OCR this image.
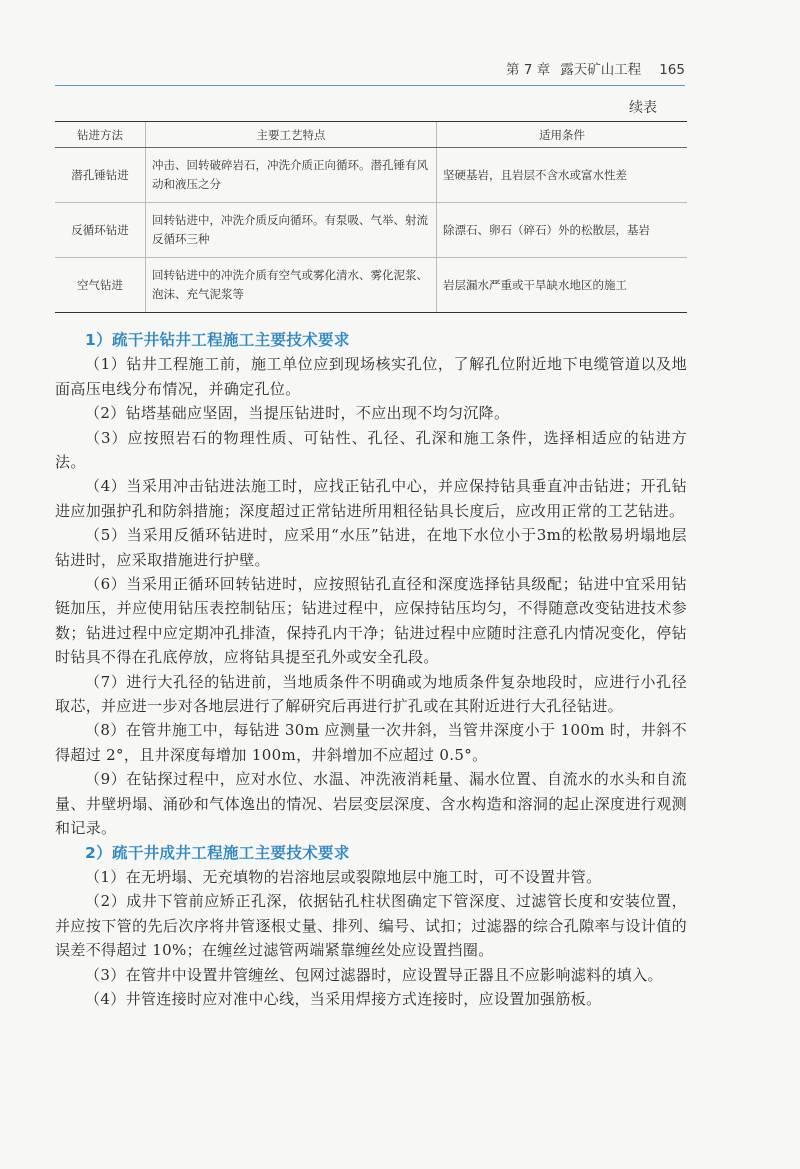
第 7 章 露天矿山工程 165
续表
钻进方法	主要工艺特点	适用条件
潜孔锤钻进	冲击、回转破碎岩石，冲洗介质正向循环。潜孔锤有风动和液压之分	坚硬基岩，且岩层不含水或富水性差
反循环钻进	回转钻进中，冲洗介质反向循环。有泵吸、气举、射流反循环三种	除漂石、卵石（碎石）外的松散层，基岩
空气钻进	回转钻进中的冲洗介质有空气或雾化清水、雾化泥浆、泡沫、充气泥浆等	岩层漏水严重或干旱缺水地区的施工
1）疏干井钻井工程施工主要技术要求

（1）钻井工程施工前，施工单位应到现场核实孔位，了解孔位附近地下电缆管道以及地面高压电线分布情况，并确定孔位。

（2）钻塔基础应坚固，当提压钻进时，不应出现不均匀沉降。

（3）应按照岩石的物理性质、可钻性、孔径、孔深和施工条件，选择相适应的钻进方法。

（4）当采用冲击钻进法施工时，应找正钻孔中心，并应保持钻具垂直冲击钻进；开孔钻进应加强护孔和防斜措施；深度超过正常钻进所用粗径钻具长度后，应改用正常的工艺钻进。

（5）当采用反循环钻进时，应采用“水压”钻进，在地下水位小于3m的松散易坍塌地层钻进时，应采取措施进行护壁。

（6）当采用正循环回转钻进时，应按照钻孔直径和深度选择钻具级配；钻进中宜采用钻铤加压，并应使用钻压表控制钻压；钻进过程中，应保持钻压均匀，不得随意改变钻进技术参数；钻进过程中应定期冲孔排渣，保持孔内干净；钻进过程中应随时注意孔内情况变化，停钻时钻具不得在孔底停放，应将钻具提至孔外或安全孔段。

（7）进行大孔径的钻进前，当地质条件不明确或为地质条件复杂地段时，应进行小孔径取芯，并应进一步对各地层进行了解研究后再进行扩孔或在其附近进行大孔径钻进。

（8）在管井施工中，每钻进 30m 应测量一次井斜，当管井深度小于 100m 时，井斜不得超过 2°，且井深度每增加 100m，井斜增加不应超过 0.5°。

（9）在钻探过程中，应对水位、水温、冲洗液消耗量、漏水位置、自流水的水头和自流量、井壁坍塌、涌砂和气体逸出的情况、岩层变层深度、含水构造和溶洞的起止深度进行观测和记录。

2）疏干井成井工程施工主要技术要求

（1）在无坍塌、无充填物的岩溶地层或裂隙地层中施工时，可不设置井管。

（2）成井下管前应矫正孔深，依据钻孔柱状图确定下管深度、过滤管长度和安装位置，并应按下管的先后次序将井管逐根丈量、排列、编号、试扣；过滤器的综合孔隙率与设计值的误差不得超过 10%；在缠丝过滤管两端紧靠缠丝处应设置挡圈。

（3）在管井中设置井管缠丝、包网过滤器时，应设置导正器且不应影响滤料的填入。

（4）井管连接时应对准中心线，当采用焊接方式连接时，应设置加强筋板。
